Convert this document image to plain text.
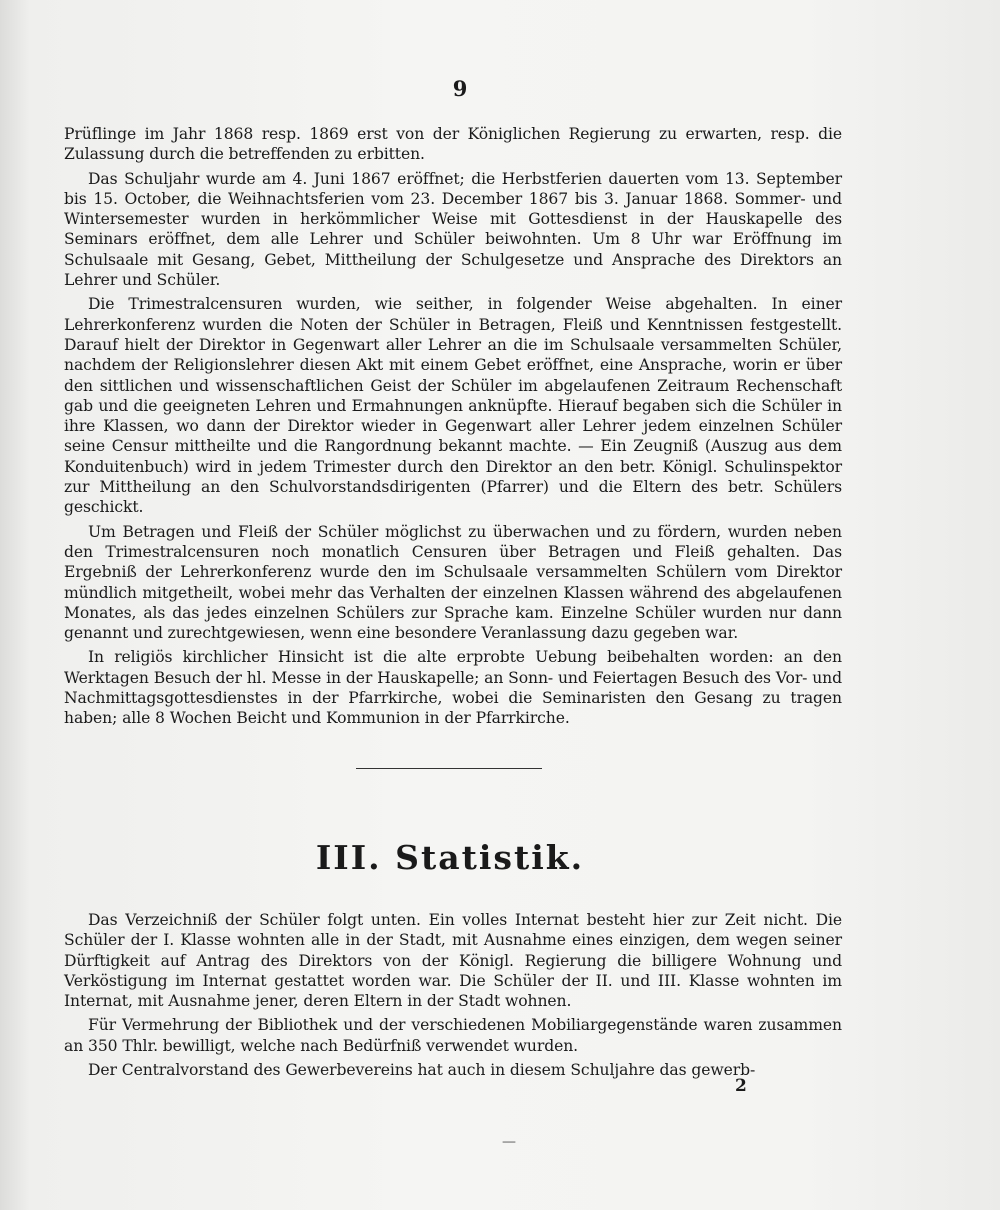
9

Prüflinge im Jahr 1868 resp. 1869 erst von der Königlichen Regierung zu erwarten, resp. die Zulassung durch die betreffenden zu erbitten.

Das Schuljahr wurde am 4. Juni 1867 eröffnet; die Herbstferien dauerten vom 13. September bis 15. October, die Weihnachtsferien vom 23. December 1867 bis 3. Januar 1868. Sommer- und Wintersemester wurden in herkömmlicher Weise mit Gottesdienst in der Hauskapelle des Seminars eröffnet, dem alle Lehrer und Schüler beiwohnten. Um 8 Uhr war Eröffnung im Schulsaale mit Gesang, Gebet, Mittheilung der Schulgesetze und Ansprache des Direktors an Lehrer und Schüler.

Die Trimestralcensuren wurden, wie seither, in folgender Weise abgehalten. In einer Lehrerkonferenz wurden die Noten der Schüler in Betragen, Fleiß und Kenntnissen festgestellt. Darauf hielt der Direktor in Gegenwart aller Lehrer an die im Schulsaale versammelten Schüler, nachdem der Religionslehrer diesen Akt mit einem Gebet eröffnet, eine Ansprache, worin er über den sittlichen und wissenschaftlichen Geist der Schüler im abgelaufenen Zeitraum Rechenschaft gab und die geeigneten Lehren und Ermahnungen anknüpfte. Hierauf begaben sich die Schüler in ihre Klassen, wo dann der Direktor wieder in Gegenwart aller Lehrer jedem einzelnen Schüler seine Censur mittheilte und die Rangordnung bekannt machte. — Ein Zeugniß (Auszug aus dem Konduitenbuch) wird in jedem Trimester durch den Direktor an den betr. Königl. Schulinspektor zur Mittheilung an den Schulvorstandsdirigenten (Pfarrer) und die Eltern des betr. Schülers geschickt.

Um Betragen und Fleiß der Schüler möglichst zu überwachen und zu fördern, wurden neben den Trimestralcensuren noch monatlich Censuren über Betragen und Fleiß gehalten. Das Ergebniß der Lehrerkonferenz wurde den im Schulsaale versammelten Schülern vom Direktor mündlich mitgetheilt, wobei mehr das Verhalten der einzelnen Klassen während des abgelaufenen Monates, als das jedes einzelnen Schülers zur Sprache kam. Einzelne Schüler wurden nur dann genannt und zurechtgewiesen, wenn eine besondere Veranlassung dazu gegeben war.

In religiös kirchlicher Hinsicht ist die alte erprobte Uebung beibehalten worden: an den Werktagen Besuch der hl. Messe in der Hauskapelle; an Sonn- und Feiertagen Besuch des Vor- und Nachmittagsgottesdienstes in der Pfarrkirche, wobei die Seminaristen den Gesang zu tragen haben; alle 8 Wochen Beicht und Kommunion in der Pfarrkirche.

III. Statistik.

Das Verzeichniß der Schüler folgt unten. Ein volles Internat besteht hier zur Zeit nicht. Die Schüler der I. Klasse wohnten alle in der Stadt, mit Ausnahme eines einzigen, dem wegen seiner Dürftigkeit auf Antrag des Direktors von der Königl. Regierung die billigere Wohnung und Verköstigung im Internat gestattet worden war. Die Schüler der II. und III. Klasse wohnten im Internat, mit Ausnahme jener, deren Eltern in der Stadt wohnen.

Für Vermehrung der Bibliothek und der verschiedenen Mobiliargegenstände waren zusammen an 350 Thlr. bewilligt, welche nach Bedürfniß verwendet wurden.

Der Centralvorstand des Gewerbevereins hat auch in diesem Schuljahre das gewerb-

2
—
